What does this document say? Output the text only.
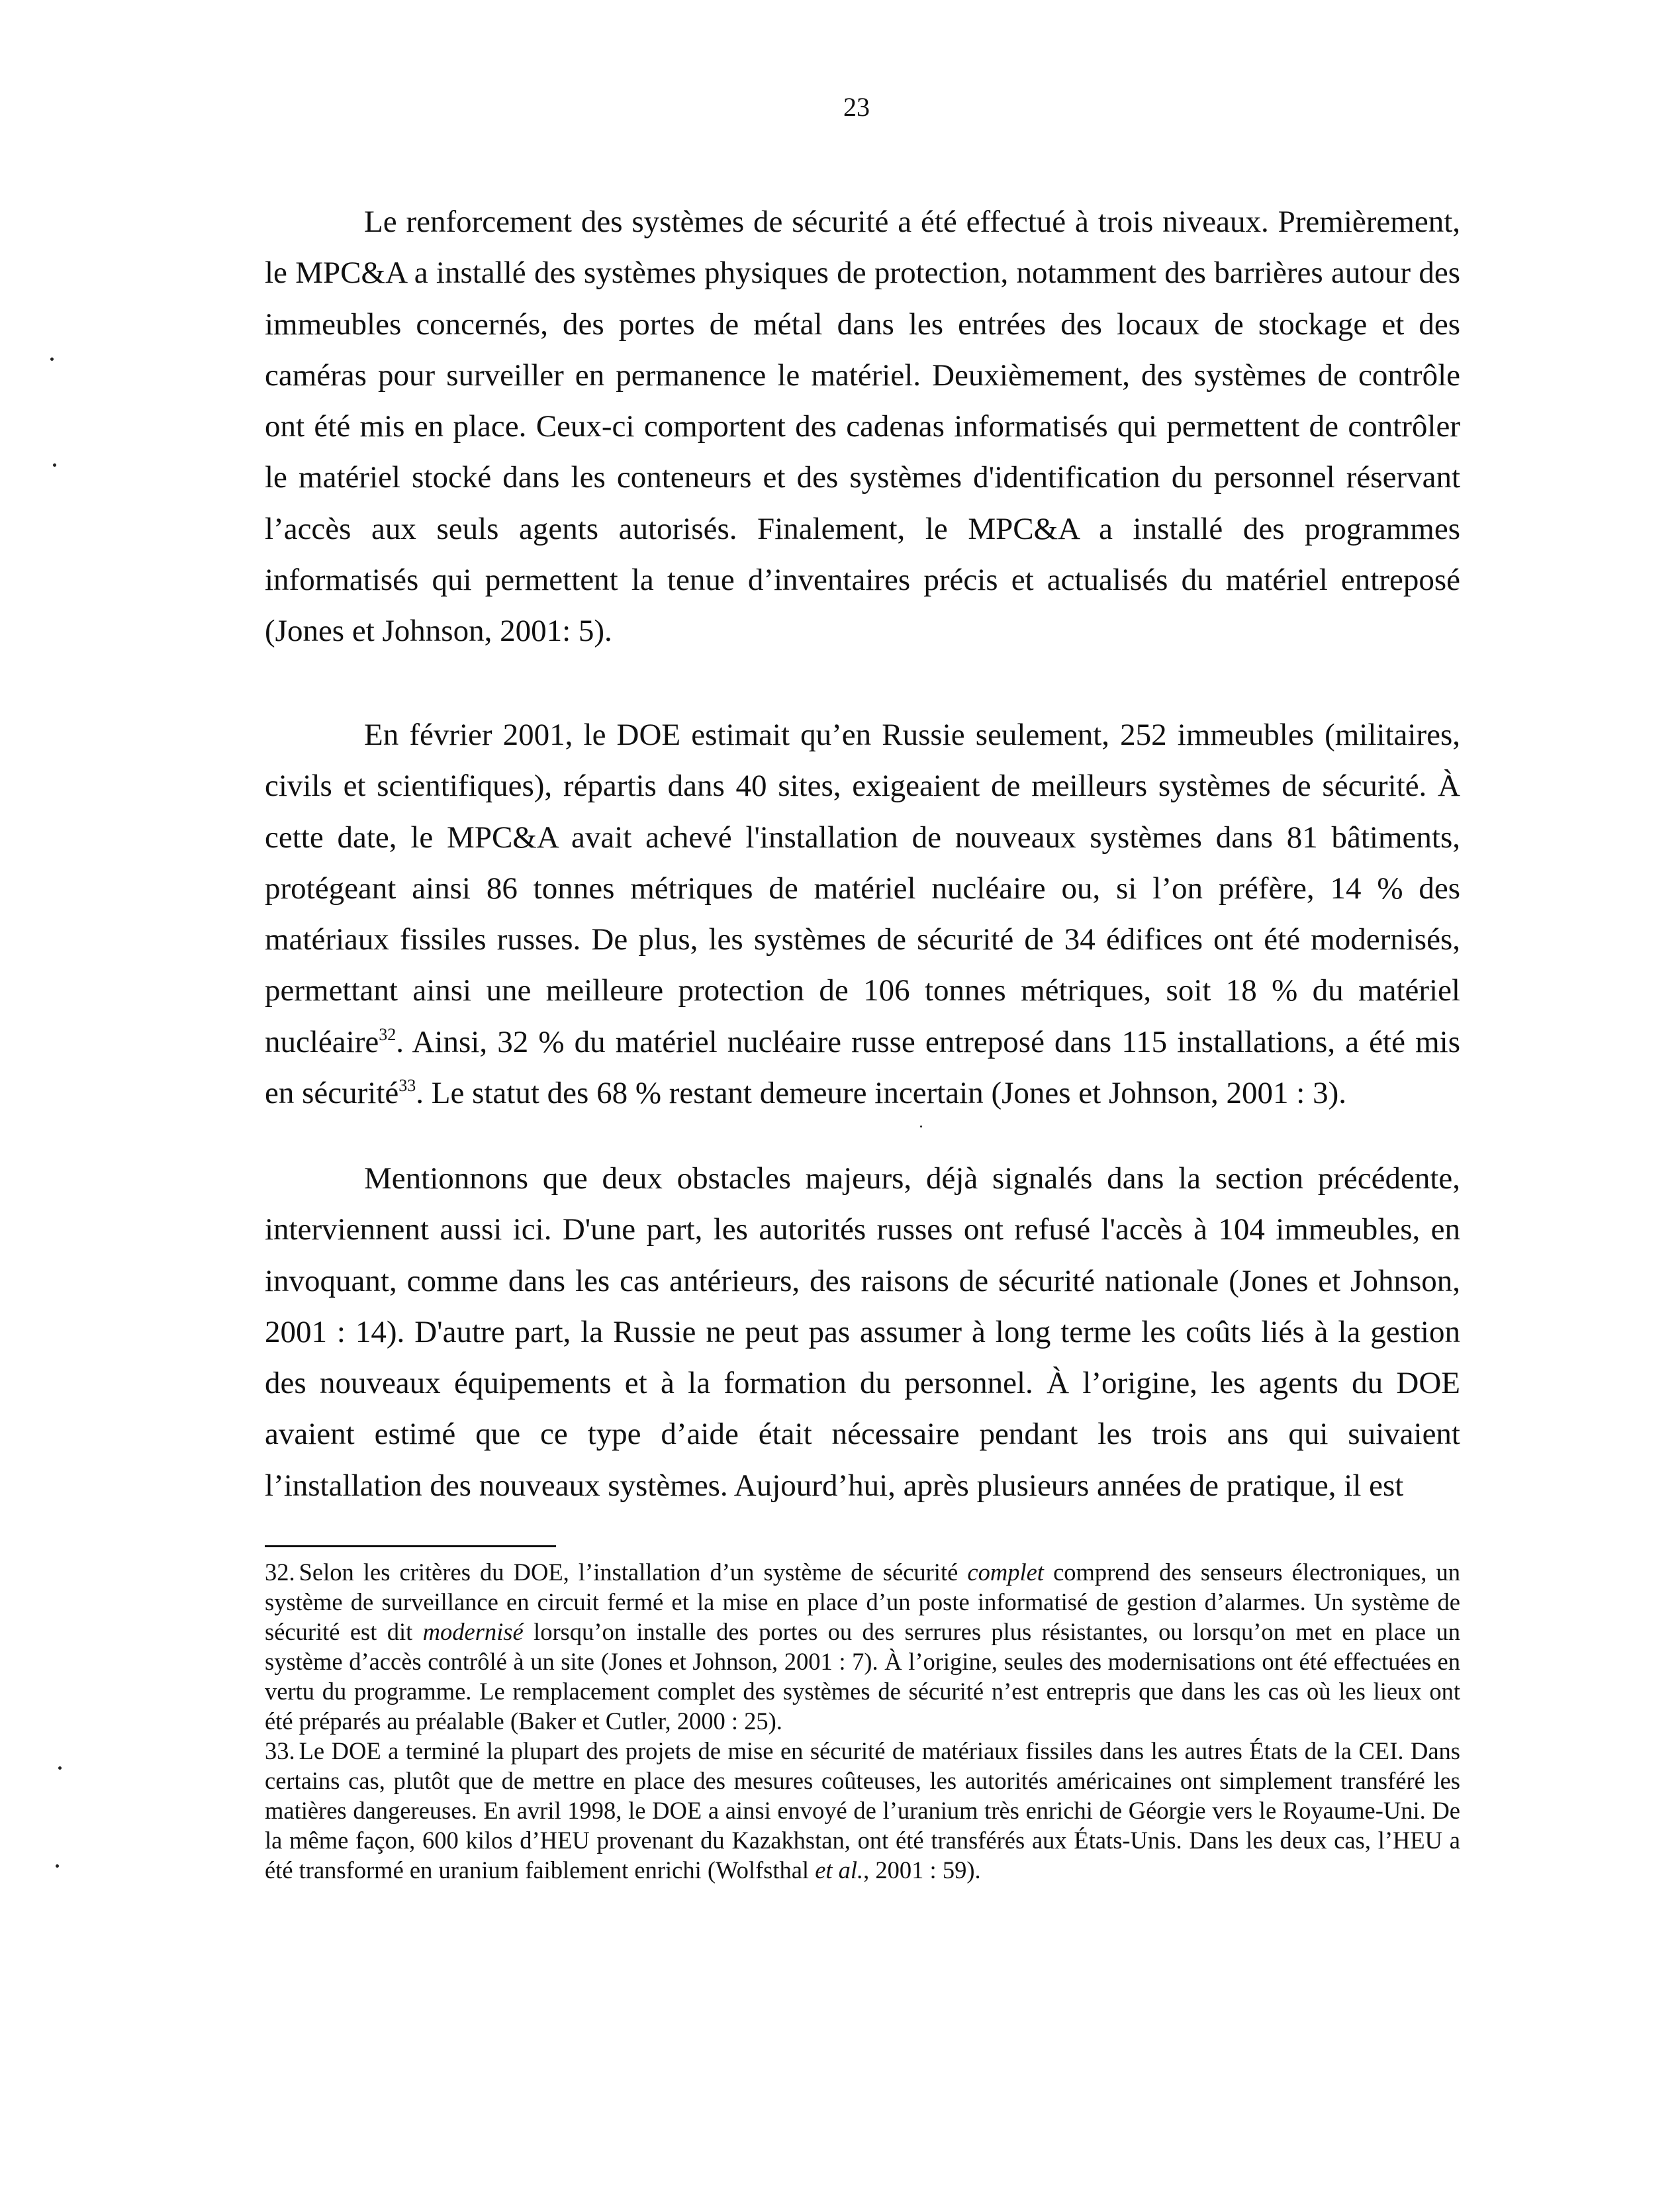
23

Le renforcement des systèmes de sécurité a été effectué à trois niveaux. Premièrement, le MPC&A a installé des systèmes physiques de protection, notamment des barrières autour des immeubles concernés, des portes de métal dans les entrées des locaux de stockage et des caméras pour surveiller en permanence le matériel. Deuxièmement, des systèmes de contrôle ont été mis en place. Ceux-ci comportent des cadenas informatisés qui permettent de contrôler le matériel stocké dans les conteneurs et des systèmes d'identification du personnel réservant l’accès aux seuls agents autorisés. Finalement, le MPC&A a installé des programmes informatisés qui permettent la tenue d’inventaires précis et actualisés du matériel entreposé (Jones et Johnson, 2001: 5).

En février 2001, le DOE estimait qu’en Russie seulement, 252 immeubles (militaires, civils et scientifiques), répartis dans 40 sites, exigeaient de meilleurs systèmes de sécurité. À cette date, le MPC&A avait achevé l'installation de nouveaux systèmes dans 81 bâtiments, protégeant ainsi 86 tonnes métriques de matériel nucléaire ou, si l’on préfère, 14 % des matériaux fissiles russes. De plus, les systèmes de sécurité de 34 édifices ont été modernisés, permettant ainsi une meilleure protection de 106 tonnes métriques, soit 18 % du matériel nucléaire$^{32}$. Ainsi, 32 % du matériel nucléaire russe entreposé dans 115 installations, a été mis en sécurité$^{33}$. Le statut des 68 % restant demeure incertain (Jones et Johnson, 2001 : 3).

Mentionnons que deux obstacles majeurs, déjà signalés dans la section précédente, interviennent aussi ici. D'une part, les autorités russes ont refusé l'accès à 104 immeubles, en invoquant, comme dans les cas antérieurs, des raisons de sécurité nationale (Jones et Johnson, 2001 : 14). D'autre part, la Russie ne peut pas assumer à long terme les coûts liés à la gestion des nouveaux équipements et à la formation du personnel. À l’origine, les agents du DOE avaient estimé que ce type d’aide était nécessaire pendant les trois ans qui suivaient l’installation des nouveaux systèmes. Aujourd’hui, après plusieurs années de pratique, il est

32. Selon les critères du DOE, l’installation d’un système de sécurité complet comprend des senseurs électroniques, un système de surveillance en circuit fermé et la mise en place d’un poste informatisé de gestion d’alarmes. Un système de sécurité est dit modernisé lorsqu’on installe des portes ou des serrures plus résistantes, ou lorsqu’on met en place un système d’accès contrôlé à un site (Jones et Johnson, 2001 : 7). À l’origine, seules des modernisations ont été effectuées en vertu du programme. Le remplacement complet des systèmes de sécurité n’est entrepris que dans les cas où les lieux ont été préparés au préalable (Baker et Cutler, 2000 : 25).

33. Le DOE a terminé la plupart des projets de mise en sécurité de matériaux fissiles dans les autres États de la CEI. Dans certains cas, plutôt que de mettre en place des mesures coûteuses, les autorités américaines ont simplement transféré les matières dangereuses. En avril 1998, le DOE a ainsi envoyé de l’uranium très enrichi de Géorgie vers le Royaume-Uni. De la même façon, 600 kilos d’HEU provenant du Kazakhstan, ont été transférés aux États-Unis. Dans les deux cas, l’HEU a été transformé en uranium faiblement enrichi (Wolfsthal et al., 2001 : 59).
